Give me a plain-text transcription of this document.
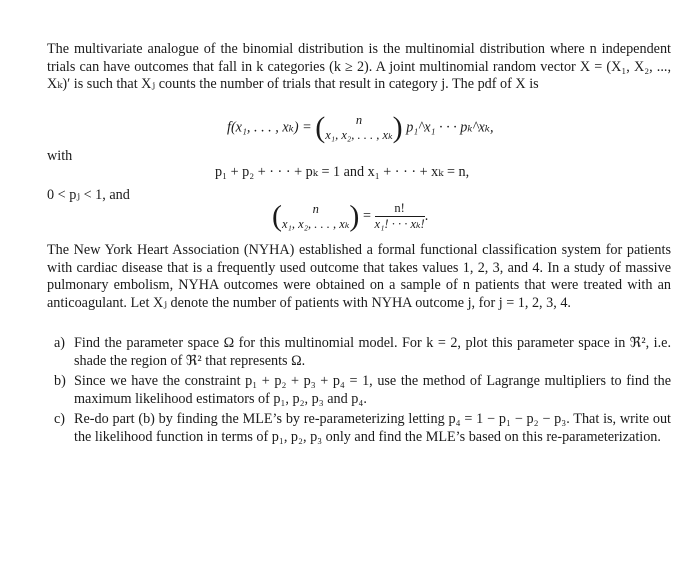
The multivariate analogue of the binomial distribution is the multinomial distribution where n independent trials can have outcomes that fall in k categories (k ≥ 2). A joint multinomial random vector X = (X₁, X₂, ..., Xₖ)′ is such that Xⱼ counts the number of trials that result in category j. The pdf of X is

f(x₁, . . . , xₖ) = ( n
x₁, x₂, . . . , xₖ) p₁^x₁ · · · pₖ^xₖ,
with
p₁ + p₂ + · · · + pₖ = 1 and x₁ + · · · + xₖ = n,
0 < pⱼ < 1, and
( n
x₁, x₂, . . . , $x_k) = \frac{n!}{\text{x₁! · · · xₖ!}}$ .

The New York Heart Association (NYHA) established a formal functional classification system for patients with cardiac disease that is a frequently used outcome that takes values 1, 2, 3, and 4. In a study of massive pulmonary embolism, NYHA outcomes were obtained on a sample of n patients that were treated with an anticoagulant. Let Xⱼ denote the number of patients with NYHA outcome j, for j = 1, 2, 3, 4.

a) Find the parameter space Ω for this multinomial model. For k = 2, plot this parameter space in ℜ², i.e. shade the region of ℜ² that represents Ω.
b) Since we have the constraint p₁ + p₂ + p₃ + p₄ = 1, use the method of Lagrange multipliers to find the maximum likelihood estimators of p₁, p₂, p₃ and p₄.
c) Re-do part (b) by finding the MLE’s by re-parameterizing letting p₄ = 1 − p₁ − p₂ − p₃. That is, write out the likelihood function in terms of p₁, p₂, p₃ only and find the MLE’s based on this re-parameterization.
